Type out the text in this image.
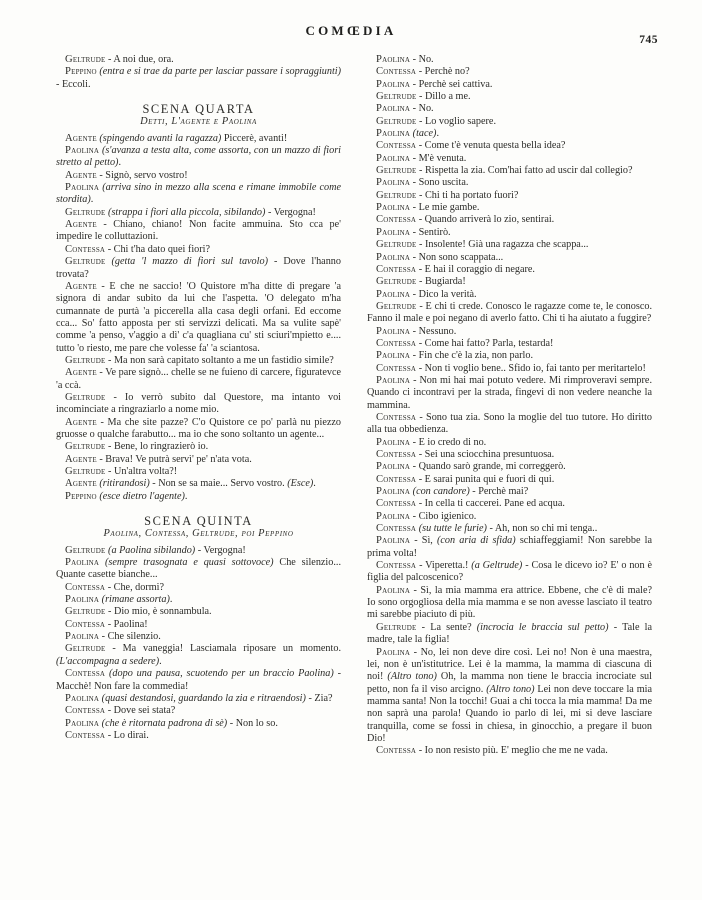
COMŒDIA
745

Geltrude - A noi due, ora.

Peppino (entra e si trae da parte per lasciar passare i sopraggiunti) - Eccoli.

SCENA QUARTA

Detti, L'agente e Paolina

Agente (spingendo avanti la ragazza) Piccerè, avanti!

Paolina (s'avanza a testa alta, come assorta, con un mazzo di fiori stretto al petto).

Agente - Signò, servo vostro!

Paolina (arriva sino in mezzo alla scena e rimane immobile come stordita).

Geltrude (strappa i fiori alla piccola, sibilando) - Vergogna!

Agente - Chiano, chiano! Non facite ammuina. Sto cca pe' impedire le colluttazioni.

Contessa - Chi t'ha dato quei fiori?

Geltrude (getta 'l mazzo di fiori sul tavolo) - Dove l'hanno trovata?

Agente - E che ne saccio! 'O Quistore m'ha ditte di pregare 'a signora di andar subito da lui che l'aspetta. 'O delegato m'ha cumannate de purtà 'a piccerella alla casa degli orfani. Ed eccome cca... So' fatto apposta per sti servizzi delicati. Ma sa vulite sapè' comme 'a penso, v'aggio a dì' c'a quagliana cu' sti sciuri'mpietto e.... tutto 'o riesto, me pare che volesse fa' 'a sciantosa.

Geltrude - Ma non sarà capitato soltanto a me un fastidio simile?

Agente - Ve pare signò... chelle se ne fuieno di carcere, figuratevce 'a ccà.

Geltrude - Io verrò subito dal Questore, ma intanto voi incominciate a ringraziarlo a nome mio.

Agente - Ma che site pazze? C'o Quistore ce po' parlà nu piezzo gruosse o qualche farabutto... ma io che sono soltanto un agente...

Geltrude - Bene, lo ringrazierò io.

Agente - Brava! Ve putrà servì' pe' n'ata vota.

Geltrude - Un'altra volta?!

Agente (ritirandosi) - Non se sa maie... Servo vostro. (Esce).

Peppino (esce dietro l'agente).

SCENA QUINTA

Paolina, Contessa, Geltrude, poi Peppino

Geltrude (a Paolina sibilando) - Vergogna!

Paolina (sempre trasognata e quasi sottovoce) Che silenzio... Quante casette bianche...

Contessa - Che, dormi?

Paolina (rimane assorta).

Geltrude - Dio mio, è sonnambula.

Contessa - Paolina!

Paolina - Che silenzio.

Geltrude - Ma vaneggia! Lasciamala riposare un momento. (L'accompagna a sedere).

Contessa (dopo una pausa, scuotendo per un braccio Paolina) - Macchè! Non fare la commedia!

Paolina (quasi destandosi, guardando la zia e ritraendosi) - Zia?

Contessa - Dove sei stata?

Paolina (che è ritornata padrona di sè) - Non lo so.

Contessa - Lo dirai.

Paolina - No.

Contessa - Perchè no?

Paolina - Perchè sei cattiva.

Geltrude - Dillo a me.

Paolina - No.

Geltrude - Lo voglio sapere.

Paolina (tace).

Contessa - Come t'è venuta questa bella idea?

Paolina - M'è venuta.

Geltrude - Rispetta la zia. Com'hai fatto ad uscir dal collegio?

Paolina - Sono uscita.

Geltrude - Chi ti ha portato fuori?

Paolina - Le mie gambe.

Contessa - Quando arriverà lo zio, sentirai.

Paolina - Sentirò.

Geltrude - Insolente! Già una ragazza che scappa...

Paolina - Non sono scappata...

Contessa - E hai il coraggio di negare.

Geltrude - Bugiarda!

Paolina - Dico la verità.

Geltrude - E chi ti crede. Conosco le ragazze come te, le conosco. Fanno il male e poi negano di averlo fatto. Chi ti ha aiutato a fuggire?

Paolina - Nessuno.

Contessa - Come hai fatto? Parla, testarda!

Paolina - Fin che c'è la zia, non parlo.

Contessa - Non ti voglio bene.. Sfido io, fai tanto per meritartelo!

Paolina - Non mi hai mai potuto vedere. Mi rimproveravi sempre. Quando ci incontravi per la strada, fingevi di non vedere neanche la mammina.

Contessa - Sono tua zia. Sono la moglie del tuo tutore. Ho diritto alla tua obbedienza.

Paolina - E io credo di no.

Contessa - Sei una sciocchina presuntuosa.

Paolina - Quando sarò grande, mi correggerò.

Contessa - E sarai punita qui e fuori di qui.

Paolina (con candore) - Perchè mai?

Contessa - In cella ti caccerei. Pane ed acqua.

Paolina - Cibo igienico.

Contessa (su tutte le furie) - Ah, non so chi mi tenga..

Paolina - Sì, (con aria di sfida) schiaffeggiami! Non sarebbe la prima volta!

Contessa - Viperetta.! (a Geltrude) - Cosa le dicevo io? E' o non è figlia del palcoscenico?

Paolina - Sì, la mia mamma era attrice. Ebbene, che c'è di male? Io sono orgogliosa della mia mamma e se non avesse lasciato il teatro mi sarebbe piaciuto di più.

Geltrude - La sente? (incrocia le braccia sul petto) - Tale la madre, tale la figlia!

Paolina - No, lei non deve dire così. Lei no! Non è una maestra, lei, non è un'istitutrice. Lei è la mamma, la mamma di ciascuna di noi! (Altro tono) Oh, la mamma non tiene le braccia incrociate sul petto, non fa il viso arcigno. (Altro tono) Lei non deve toccare la mia mamma santa! Non la tocchi! Guai a chi tocca la mia mamma! Da me non saprà una parola! Quando io parlo di lei, mi si deve lasciare tranquilla, come se fossi in chiesa, in ginocchio, a pregare il buon Dio!

Contessa - Io non resisto più. E' meglio che me ne vada.
